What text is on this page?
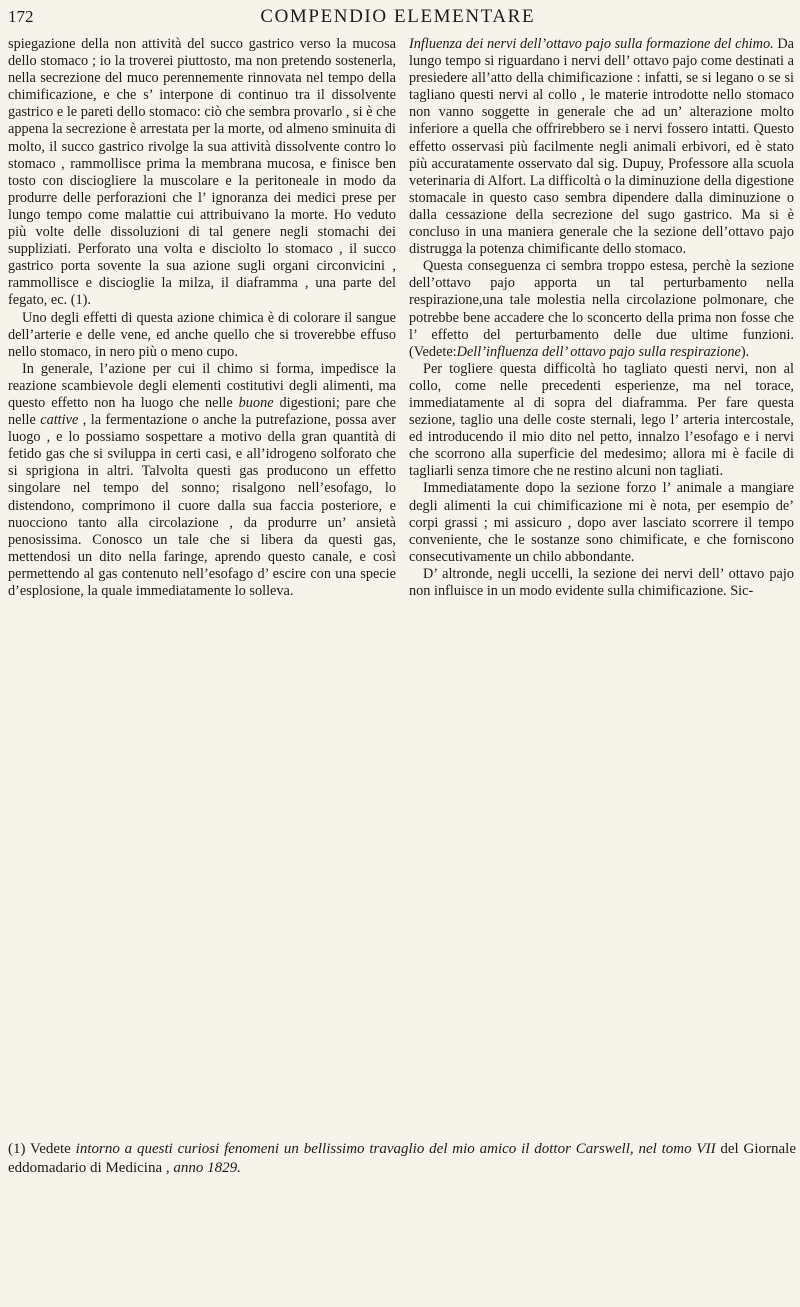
172	COMPENDIO ELEMENTARE

spiegazione della non attività del succo gastrico verso la mucosa dello stomaco ; io la troverei piuttosto, ma non pretendo sostenerla, nella secrezione del muco perennemente rinnovata nel tempo della chimificazione, e che s’ interpone di continuo tra il dissolvente gastrico e le pareti dello stomaco: ciò che sembra provarlo , si è che appena la secrezione è arrestata per la morte, od almeno sminuita di molto, il succo gastrico rivolge la sua attività dissolvente contro lo stomaco , rammollisce prima la membrana mucosa, e finisce ben tosto con disciogliere la muscolare e la peritoneale in modo da produrre delle perforazioni che l’ ignoranza dei medici prese per lungo tempo come malattie cui attribuivano la morte. Ho veduto più volte delle dissoluzioni di tal genere negli stomachi dei suppliziati. Perforato una volta e disciolto lo stomaco , il succo gastrico porta sovente la sua azione sugli organi circonvicini , rammollisce e discioglie la milza, il diaframma , una parte del fegato, ec. (1).

Uno degli effetti di questa azione chimica è di colorare il sangue dell’arterie e delle vene, ed anche quello che si troverebbe effuso nello stomaco, in nero più o meno cupo.

In generale, l’azione per cui il chimo si forma, impedisce la reazione scambievole degli elementi costitutivi degli alimenti, ma questo effetto non ha luogo che nelle buone digestioni; pare che nelle cattive , la fermentazione o anche la putrefazione, possa aver luogo , e lo possiamo sospettare a motivo della gran quantità di fetido gas che si sviluppa in certi casi, e all’idrogeno solforato che si sprigiona in altri. Talvolta questi gas producono un effetto singolare nel tempo del sonno; risalgono nell’esofago, lo distendono, comprimono il cuore dalla sua faccia posteriore, e nuocciono tanto alla circolazione , da produrre un’ ansietà penosissima. Conosco un tale che si libera da questi gas, mettendosi un dito nella faringe, aprendo questo canale, e così permettendo al gas contenuto nell’esofago d’ escire con una specie d’esplosione, la quale immediatamente lo solleva.

Influenza dei nervi dell’ottavo pajo sulla formazione del chimo. Da lungo tempo si riguardano i nervi dell’ ottavo pajo come destinati a presiedere all’atto della chimificazione : infatti, se si legano o se si tagliano questi nervi al collo , le materie introdotte nello stomaco non vanno soggette in generale che ad un’ alterazione molto inferiore a quella che offrirebbero se i nervi fossero intatti. Questo effetto osservasi più facilmente negli animali erbivori, ed è stato più accuratamente osservato dal sig. Dupuy, Professore alla scuola veterinaria di Alfort. La difficoltà o la diminuzione della digestione stomacale in questo caso sembra dipendere dalla diminuzione o dalla cessazione della secrezione del sugo gastrico. Ma si è concluso in una maniera generale che la sezione dell’ottavo pajo distrugga la potenza chimificante dello stomaco.

Questa conseguenza ci sembra troppo estesa, perchè la sezione dell’ottavo pajo apporta un tal perturbamento nella respirazione,una tale molestia nella circolazione polmonare, che potrebbe bene accadere che lo sconcerto della prima non fosse che l’ effetto del perturbamento delle due ultime funzioni. (Vedete:Dell’influenza dell’ ottavo pajo sulla respirazione).

Per togliere questa difficoltà ho tagliato questi nervi, non al collo, come nelle precedenti esperienze, ma nel torace, immediatamente al di sopra del diaframma. Per fare questa sezione, taglio una delle coste sternali, lego l’ arteria intercostale, ed introducendo il mio dito nel petto, innalzo l’esofago e i nervi che scorrono alla superficie del medesimo; allora mi è facile di tagliarli senza timore che ne restino alcuni non tagliati.

Immediatamente dopo la sezione forzo l’ animale a mangiare degli alimenti la cui chimificazione mi è nota, per esempio de’ corpi grassi ; mi assicuro , dopo aver lasciato scorrere il tempo conveniente, che le sostanze sono chimificate, e che forniscono consecutivamente un chilo abbondante.

D’ altronde, negli uccelli, la sezione dei nervi dell’ ottavo pajo non influisce in un modo evidente sulla chimificazione. Sic-

(1) Vedete intorno a questi curiosi fenomeni un bellissimo travaglio del mio amico il dottor Carswell, nel tomo VII del Giornale eddomadario di Medicina , anno 1829.
